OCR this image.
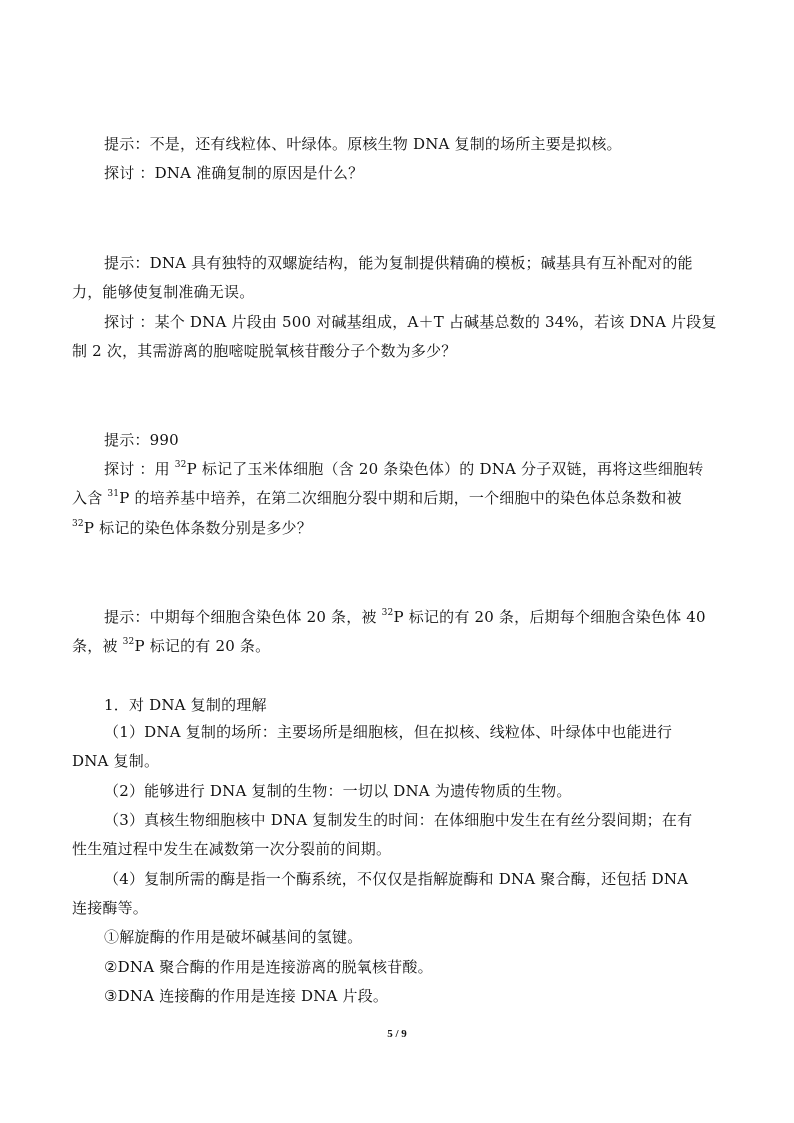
提示：不是，还有线粒体、叶绿体。原核生物 DNA 复制的场所主要是拟核。
探讨 ：DNA 准确复制的原因是什么？
提示：DNA 具有独特的双螺旋结构，能为复制提供精确的模板；碱基具有互补配对的能
力，能够使复制准确无误。
探讨 ：某个 DNA 片段由 500 对碱基组成，A＋T 占碱基总数的 34%，若该 DNA 片段复
制 2 次，其需游离的胞嘧啶脱氧核苷酸分子个数为多少？
提示：990
探讨 ：用 $^{32}$P 标记了玉米体细胞（含 20 条染色体）的 DNA 分子双链，再将这些细胞转
入含 $^{31}$P 的培养基中培养，在第二次细胞分裂中期和后期，一个细胞中的染色体总条数和被
$^{32}$P 标记的染色体条数分别是多少？
提示：中期每个细胞含染色体 20 条，被 $^{32}$P 标记的有 20 条，后期每个细胞含染色体 40
条，被 $^{32}$P 标记的有 20 条。
1．对 DNA 复制的理解
（1）DNA 复制的场所：主要场所是细胞核，但在拟核、线粒体、叶绿体中也能进行
DNA 复制。
（2）能够进行 DNA 复制的生物：一切以 DNA 为遗传物质的生物。
（3）真核生物细胞核中 DNA 复制发生的时间：在体细胞中发生在有丝分裂间期；在有
性生殖过程中发生在减数第一次分裂前的间期。
（4）复制所需的酶是指一个酶系统，不仅仅是指解旋酶和 DNA 聚合酶，还包括 DNA
连接酶等。
①解旋酶的作用是破坏碱基间的氢键。
②DNA 聚合酶的作用是连接游离的脱氧核苷酸。
③DNA 连接酶的作用是连接 DNA 片段。
5 / 9
